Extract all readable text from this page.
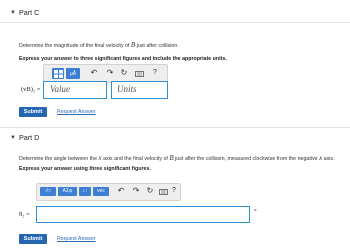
▼ Part C
Determine the magnitude of the final velocity of B just after collision.
Express your answer to three significant figures and include the appropriate units.
μÅ ↶ ↷ ↻	?
(vB)₂ = Value	Units
Submit	Request Answer
▼ Part D
Determine the angle between the x axis and the final velocity of B just after the collision, measured clockwise from the negative x axis.
Express your answer using three significant figures.
√□	ΑΣφ	↓↑	vec	↶ ↷ ↻	?
θ₂ =	°
Submit	Request Answer
